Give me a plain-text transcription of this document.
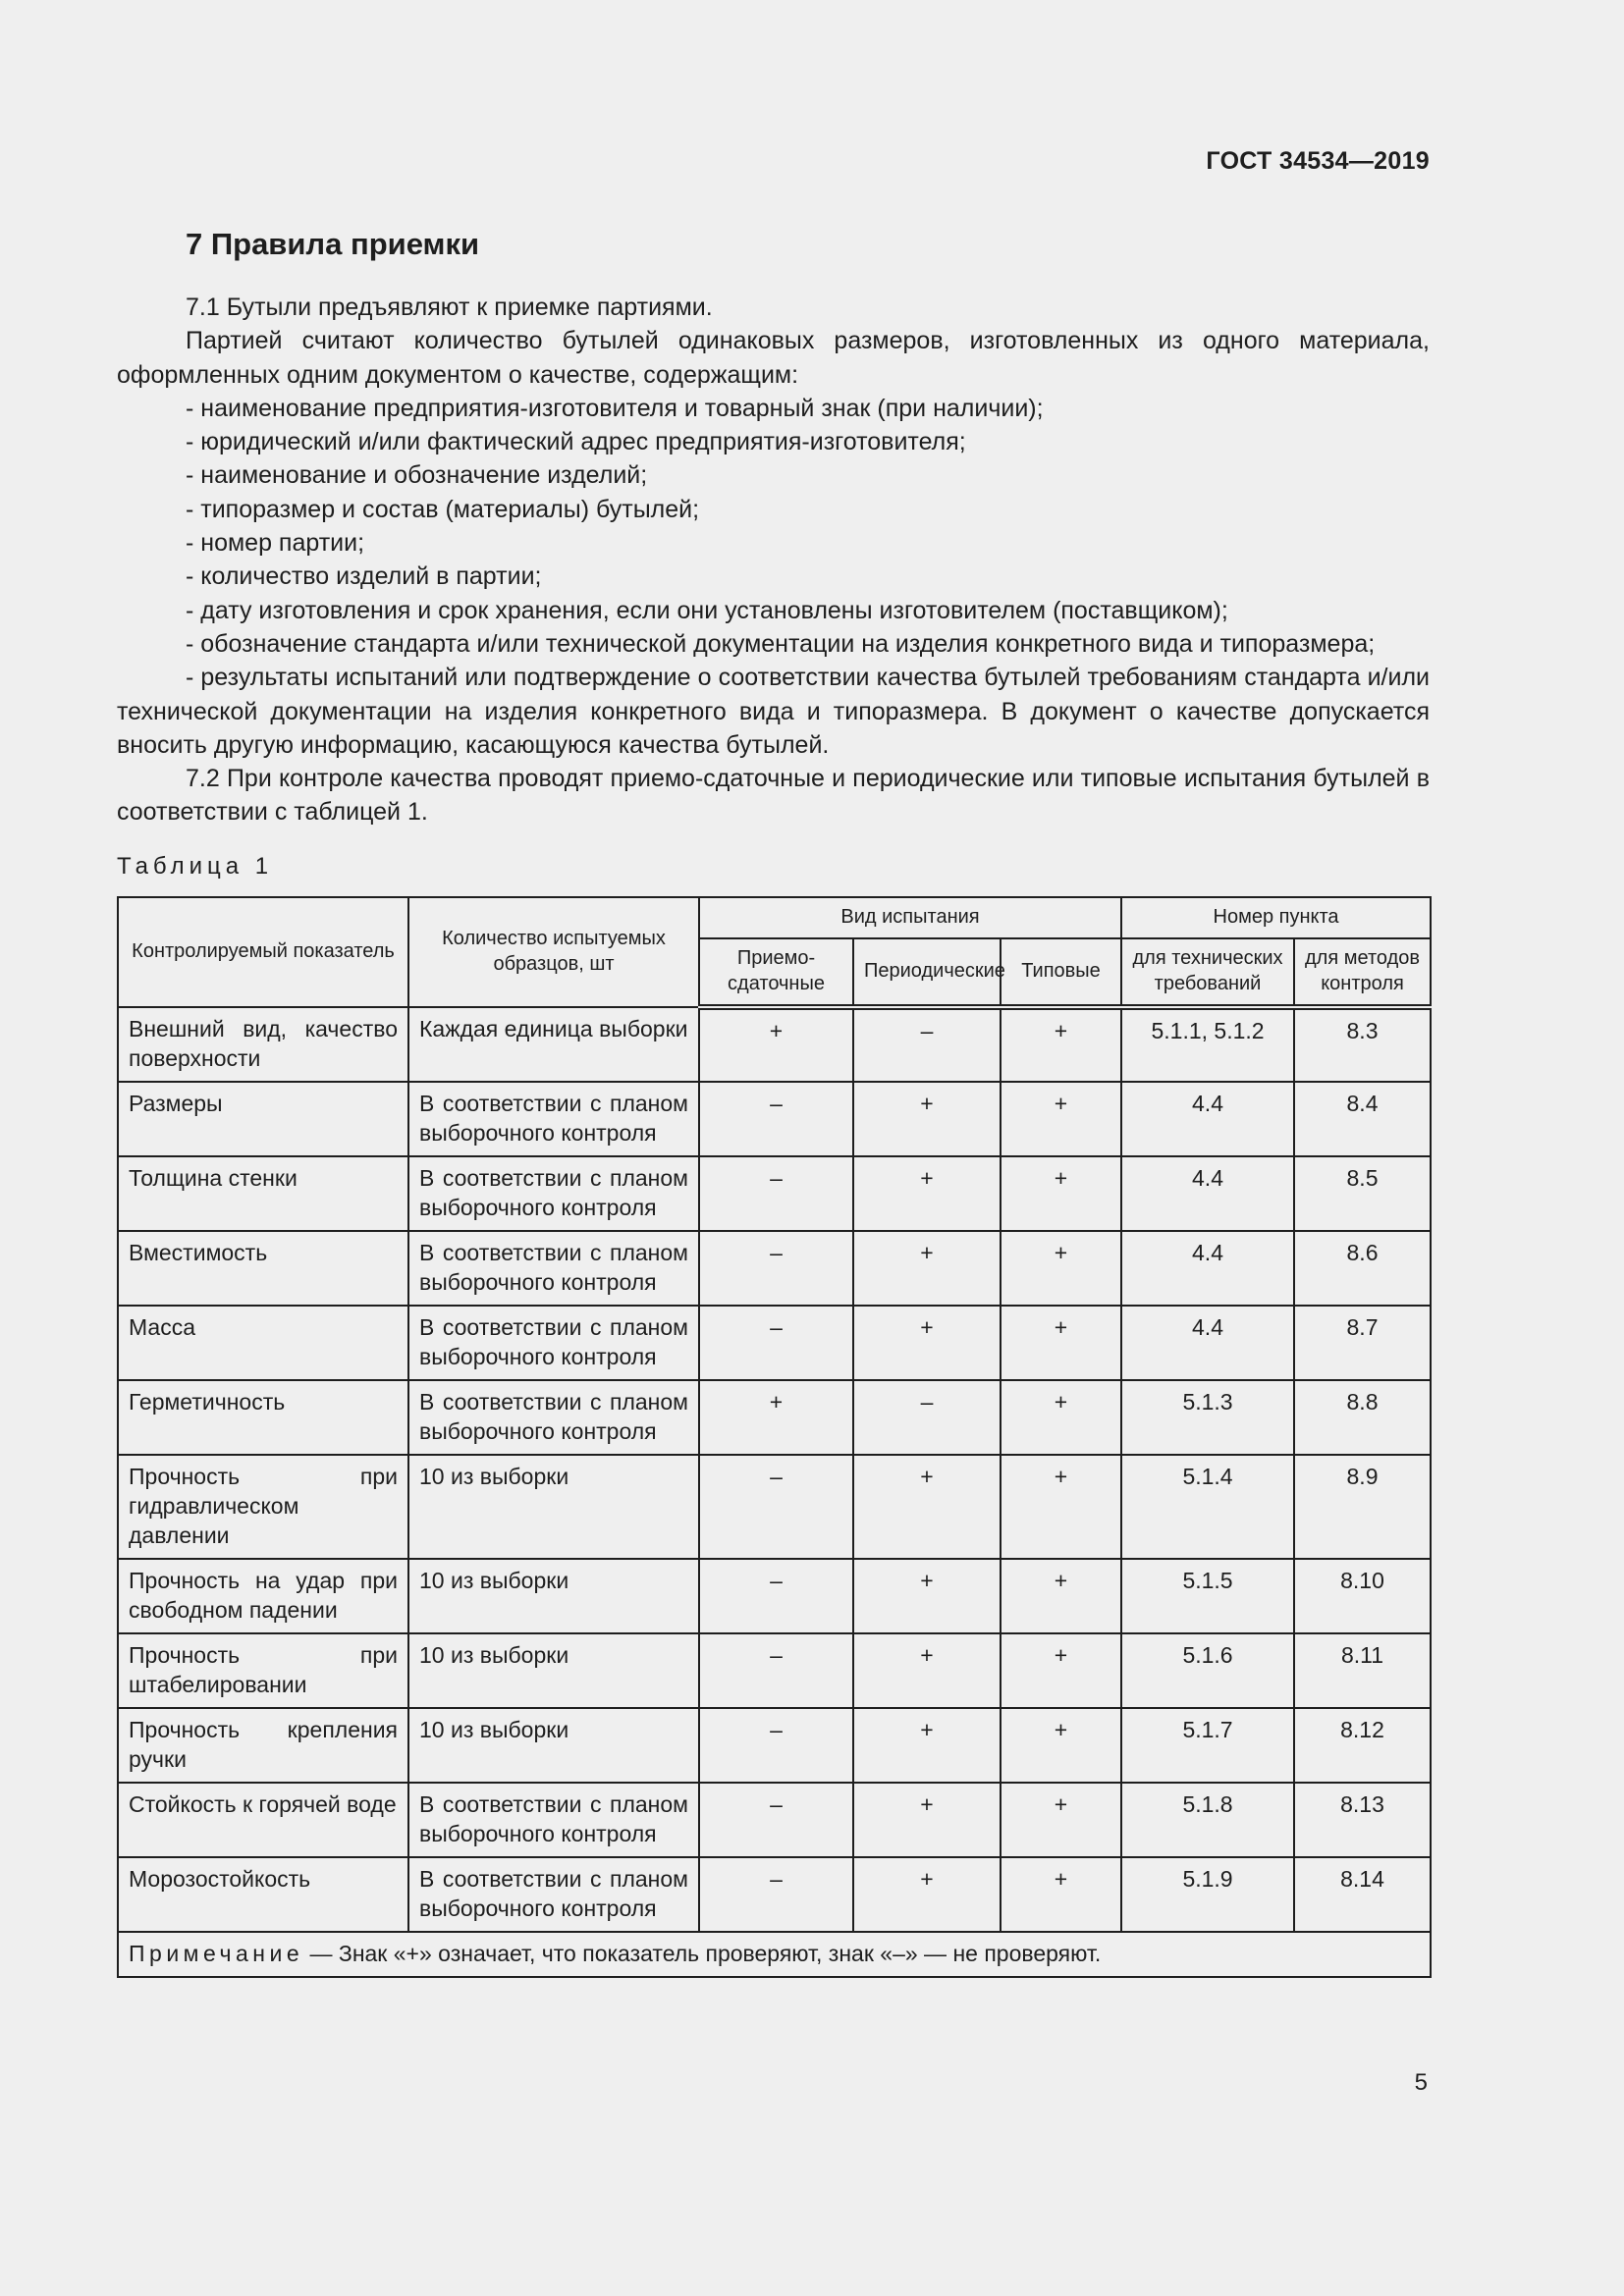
ГОСТ 34534—2019
7 Правила приемки

7.1 Бутыли предъявляют к приемке партиями.

Партией считают количество бутылей одинаковых размеров, изготовленных из одного материала, оформленных одним документом о качестве, содержащим:

- наименование предприятия-изготовителя и товарный знак (при наличии);
- юридический и/или фактический адрес предприятия-изготовителя;
- наименование и обозначение изделий;
- типоразмер и состав (материалы) бутылей;
- номер партии;
- количество изделий в партии;
- дату изготовления и срок хранения, если они установлены изготовителем (поставщиком);
- обозначение стандарта и/или технической документации на изделия конкретного вида и типоразмера;
- результаты испытаний или подтверждение о соответствии качества бутылей требованиям стандарта и/или технической документации на изделия конкретного вида и типоразмера. В документ о качестве допускается вносить другую информацию, касающуюся качества бутылей.

7.2 При контроле качества проводят приемо-сдаточные и периодические или типовые испытания бутылей в соответствии с таблицей 1.

Таблица 1
Контролируемый показатель	Количество испытуемых образцов, шт	Вид испытания			Номер пункта	
		Приемо-сдаточные	Периодические	Типовые	для технических требований	для методов контроля
Внешний вид, качество поверхности	Каждая единица выборки	+	–	+	5.1.1, 5.1.2	8.3
Размеры	В соответствии с планом выборочного контроля	–	+	+	4.4	8.4
Толщина стенки	В соответствии с планом выборочного контроля	–	+	+	4.4	8.5
Вместимость	В соответствии с планом выборочного контроля	–	+	+	4.4	8.6
Масса	В соответствии с планом выборочного контроля	–	+	+	4.4	8.7
Герметичность	В соответствии с планом выборочного контроля	+	–	+	5.1.3	8.8
Прочность при гидравлическом давлении	10 из выборки	–	+	+	5.1.4	8.9
Прочность на удар при свободном падении	10 из выборки	–	+	+	5.1.5	8.10
Прочность при штабелировании	10 из выборки	–	+	+	5.1.6	8.11
Прочность крепления ручки	10 из выборки	–	+	+	5.1.7	8.12
Стойкость к горячей воде	В соответствии с планом выборочного контроля	–	+	+	5.1.8	8.13
Морозостойкость	В соответствии с планом выборочного контроля	–	+	+	5.1.9	8.14
Примечание — Знак «+» означает, что показатель проверяют, знак «–» — не проверяют.						
5
